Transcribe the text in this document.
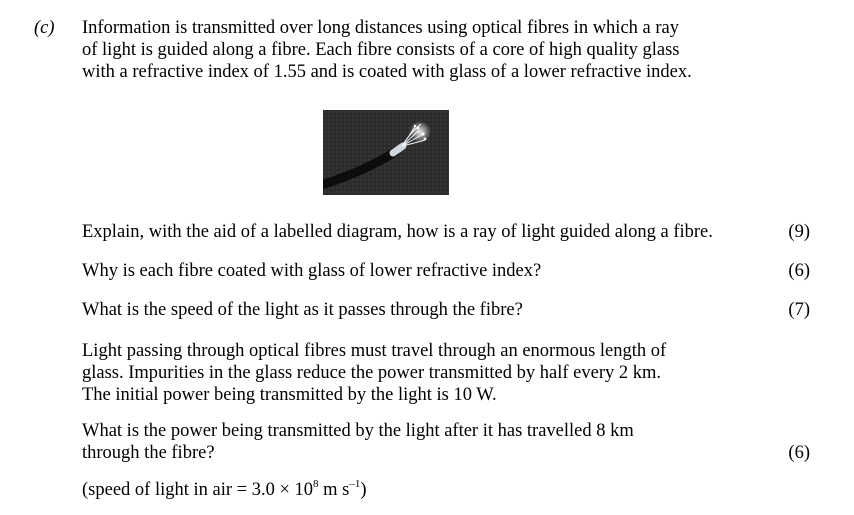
(c) Information is transmitted over long distances using optical fibres in which a ray
of light is guided along a fibre. Each fibre consists of a core of high quality glass
with a refractive index of 1.55 and is coated with glass of a lower refractive index.
Explain, with the aid of a labelled diagram, how is a ray of light guided along a fibre.	(9)
Why is each fibre coated with glass of lower refractive index?	(6)
What is the speed of the light as it passes through the fibre?	(7)
Light passing through optical fibres must travel through an enormous length of
glass. Impurities in the glass reduce the power transmitted by half every 2 km.
The initial power being transmitted by the light is 10 W.
What is the power being transmitted by the light after it has travelled 8 km
through the fibre?	(6)
(speed of light in air = $3.0 \times 10^8$ m $s^{-1}$)
